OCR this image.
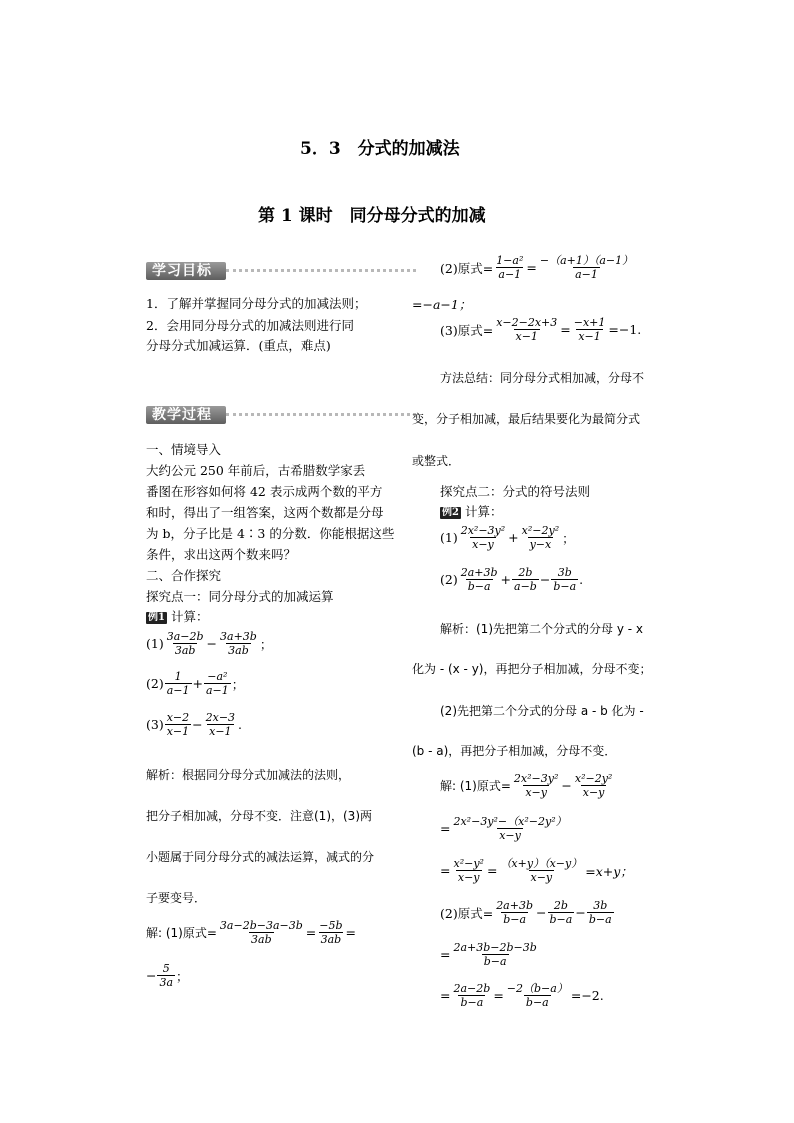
5．3　分式的加减法
第 1 课时　同分母分式的加减
学习目标
1．了解并掌握同分母分式的加减法则；
2．会用同分母分式的加减法则进行同
分母分式加减运算．(重点，难点)
教学过程
一、情境导入
大约公元 250 年前后，古希腊数学家丢
番图在形容如何将 42 表示成两个数的平方
和时，得出了一组答案，这两个数都是分母
为 b，分子比是 4∶3 的分数．你能根据这些
条件，求出这两个数来吗？
二、合作探究
探究点一：同分母分式的加减运算
例1 计算：
$(1) \frac{3a-2b}{3ab} - \frac{3a+3b}{3ab}$ ；
$(2) \frac{1}{a-1} + \frac{\text{−a²}}{a-1}$ ；
$(3) \frac{x-2}{x-1} - \frac{2x-3}{x-1}$ .
解析：根据同分母分式加减法的法则，
把分子相加减，分母不变．注意(1)，(3)两
小题属于同分母分式的减法运算，减式的分
子要变号．
解: (1)原式= $\frac{3a-2b-3a-3b}{3ab} = \frac{-5b}{3ab}$ =
− $\frac{5}{3a}$ ；
(2)原式= $\frac{\text{1−a²}}{a-1} = \frac{-(a+1)(a-1)}{a-1}$
=−a−1；
(3)原式= $\frac{x-2-2x+3}{x-1} = \frac{-x+1}{x-1} =-1$.
方法总结：同分母分式相加减，分母不
变，分子相加减，最后结果要化为最简分式
或整式．
探究点二：分式的符号法则
例2 计算：
$(1) \frac{\text{2x²−3y²}}{x-y} + \frac{\text{x²−2y²}}{y-x}$ ；
$(2) \frac{2a+3b}{b-a} + \frac{2b}{a-b} - \frac{3b}{b-a}$ .
解析：(1)先把第二个分式的分母 y - x
化为 - (x - y)，再把分子相加减，分母不变；
(2)先把第二个分式的分母 a - b 化为 -
(b - a)，再把分子相加减，分母不变．
解: (1)原式= $\frac{\text{2x²−3y²}}{x-y} - \frac{\text{x²−2y²}}{x-y}$
= $\frac{\text{2x²−3y²−（x²−2y²）}}{x-y}$
= $\frac{\text{x²−y²}}{x-y} = \frac{(x+y)(x-y)}{x-y} =x+y$；
(2)原式= $\frac{2a+3b}{b-a} - \frac{2b}{b-a} - \frac{3b}{b-a}$
= $\frac{2a+3b-2b-3b}{b-a}$
= $\frac{2a-2b}{b-a} = \frac{-2(b-a)}{b-a} =-2$.
